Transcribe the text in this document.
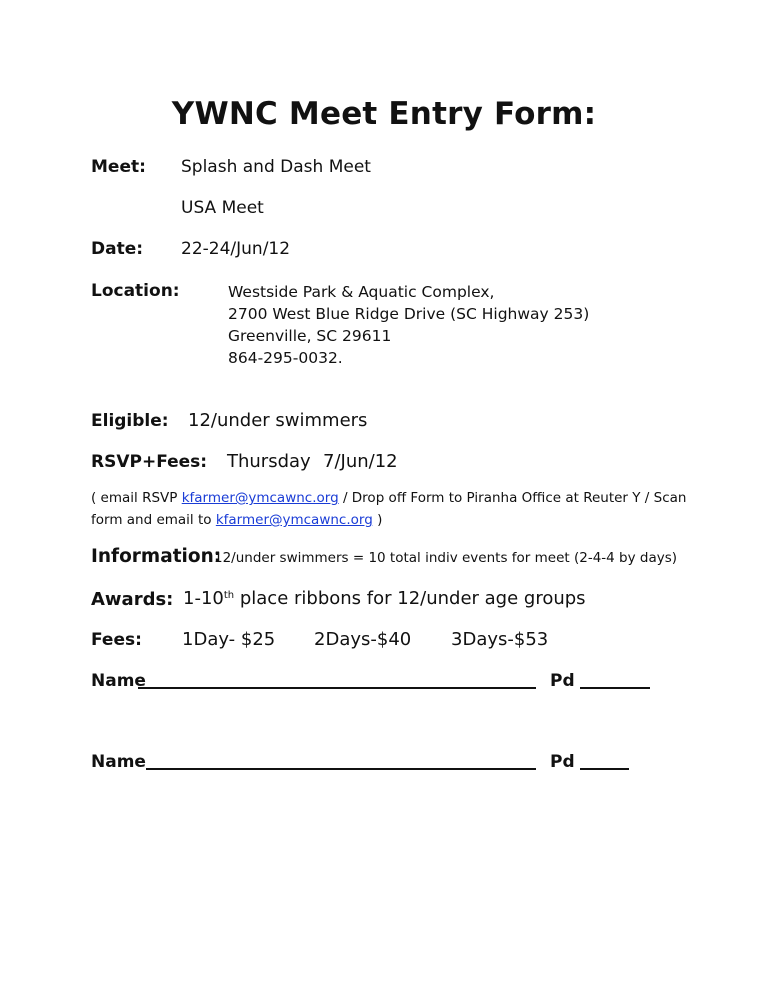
YWNC Meet Entry Form:
Meet: Splash and Dash Meet
USA Meet
Date: 22-24/Jun/12
Location:	Westside Park & Aquatic Complex,
2700 West Blue Ridge Drive (SC Highway 253)
Greenville, SC 29611
864-295-0032.
Eligible: 12/under swimmers
RSVP+Fees: Thursday 7/Jun/12
( email RSVP kfarmer@ymcawnc.org / Drop off Form to Piranha Office at Reuter Y / Scan
form and email to kfarmer@ymcawnc.org )
Information:
12/under swimmers = 10 total indiv events for meet (2-4-4 by days)
Awards: 1-10th place ribbons for 12/under age groups
Fees: 1Day- $25 2Days-$40 3Days-$53
Name	Pd
Name	Pd
